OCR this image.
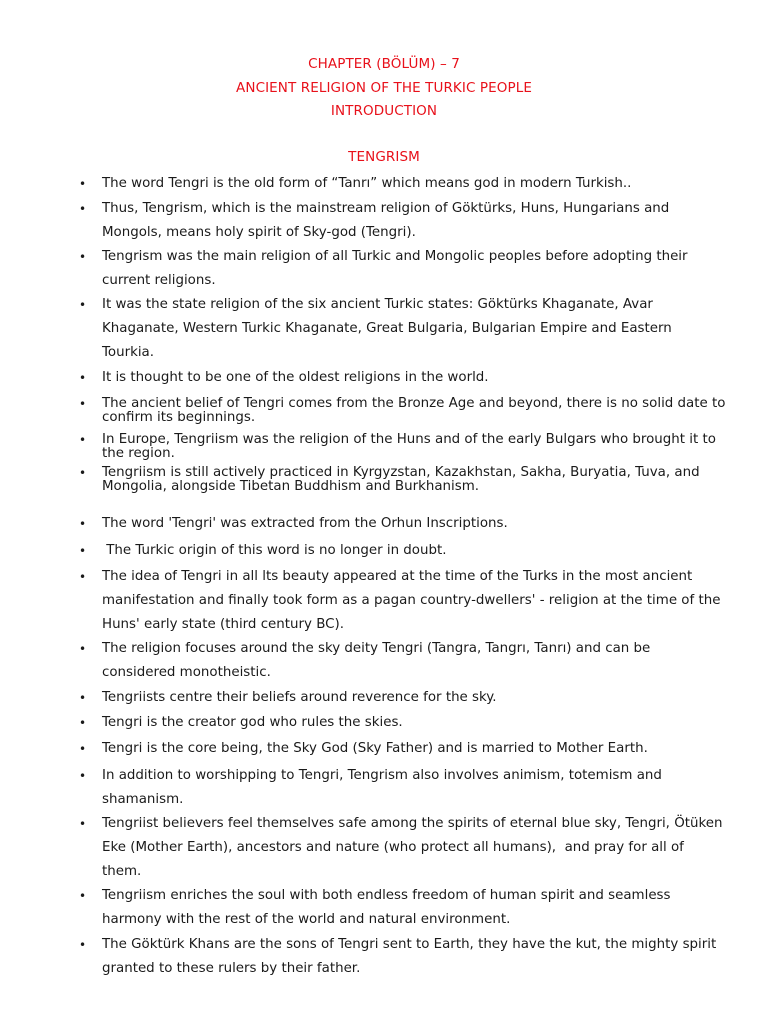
CHAPTER (BÖLÜM) – 7
ANCIENT RELIGION OF THE TURKIC PEOPLE
INTRODUCTION
TENGRISM
• The word Tengri is the old form of “Tanrı” which means god in modern Turkish..
• Thus, Tengrism, which is the mainstream religion of Göktürks, Huns, Hungarians and Mongols, means holy spirit of Sky-god (Tengri).
• Tengrism was the main religion of all Turkic and Mongolic peoples before adopting their current religions.
• It was the state religion of the six ancient Turkic states: Göktürks Khaganate, Avar Khaganate, Western Turkic Khaganate, Great Bulgaria, Bulgarian Empire and Eastern Tourkia.
• It is thought to be one of the oldest religions in the world.
• The ancient belief of Tengri comes from the Bronze Age and beyond, there is no solid date to confirm its beginnings.
• In Europe, Tengriism was the religion of the Huns and of the early Bulgars who brought it to the region.
• Tengriism is still actively practiced in Kyrgyzstan, Kazakhstan, Sakha, Buryatia, Tuva, and Mongolia, alongside Tibetan Buddhism and Burkhanism.
• The word 'Tengri' was extracted from the Orhun Inscriptions.
• The Turkic origin of this word is no longer in doubt.
• The idea of Tengri in all lts beauty appeared at the time of the Turks in the most ancient manifestation and finally took form as a pagan country-dwellers' - religion at the time of the Huns' early state (third century BC).
• The religion focuses around the sky deity Tengri (Tangra, Tangrı, Tanrı) and can be considered monotheistic.
• Tengriists centre their beliefs around reverence for the sky.
• Tengri is the creator god who rules the skies.
• Tengri is the core being, the Sky God (Sky Father) and is married to Mother Earth.
• In addition to worshipping to Tengri, Tengrism also involves animism, totemism and shamanism.
• Tengriist believers feel themselves safe among the spirits of eternal blue sky, Tengri, Ötüken Eke (Mother Earth), ancestors and nature (who protect all humans),  and pray for all of them.
• Tengriism enriches the soul with both endless freedom of human spirit and seamless harmony with the rest of the world and natural environment.
• The Göktürk Khans are the sons of Tengri sent to Earth, they have the kut, the mighty spirit granted to these rulers by their father.
